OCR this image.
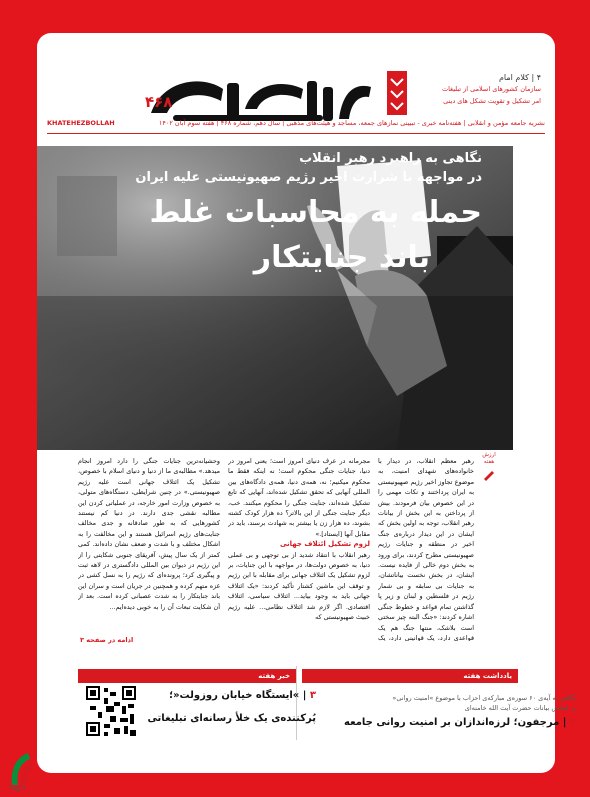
۴۶۸
۴ | کلام امام
سازمان کشور‌های اسلامی ‌از تبلیغات
امر تشکیل و تقویت تشکل های دینی
نشریه جامعه مؤمن و انقلابی | هفته‌نامه خبری - تبیینی نمازهای جمعه، مساجد و هیئت‌های مذهبی | سال دهم، شماره ۴۶۸ | هفته سوم آبان ۱۴۰۲
KHATEHEZBOLLAH
نگاهی به راهبرد رهبر انقلاب
در مواجهه با شرارت اخیر رژیم صهیونیستی علیه ایران
حمله به محاسبات غلط
باند جنایتکار
ارزش
هفته

رهبر معظم انقلاب، در دیدار با خانواده‌های شهدای امنیت، به موضوع تجاوز اخیر رژیم صهیونیستی به ایران پرداختند و نکات مهمی را در این خصوص بیان فرمودند. بیش از پرداختن به این بخش از بیانات رهبر انقلاب، توجه به اولین بخش که ایشان در این دیدار درباره‌ی جنگ اخیر در منطقه و جنایات رژیم صهیونیستی مطرح کردند، برای ورود به بخش دوم خالی از فایده نیست. ایشان، در بخش نخست بیاناتشان، به جنایات بی سابقه و بی شمار رژیم در فلسطین و لبنان و زیر پا گذاشتن تمام قواعد و خطوط جنگی اشاره کردند: «جنگ البته چیز سختی است بلاشک، منتها جنگ هم یک قواعدی دارد، یک قوانینی دارد، یک

مجرمانه در عرف دنیای امروز است؛ یعنی امروز در دنیا، جنایات جنگی محکوم است؛ نه اینکه فقط ما محکوم میکنیم؛ نه، همه‌ی دنیا، همه‌ی دادگاه‌های بین المللی آنهایی که تحقق تشکیل شده‌اند، آنهایی که تابع تشکیل شده‌اند، جنایت جنگی را محکوم میکنند. خب، دیگر جنایت جنگی از این بالاتر؟ ده هزار کودک کشته بشوند، ده هزار زن یا بیشتر به شهادت برسند، باید در مقابل آنها [ایستاد].»

لزوم تشکیل ائتلاف جهانی

رهبر انقلاب با انتقاد شدید از بی توجهی و بی عملی دنیا، به خصوص دولت‌ها، در مواجهه با این جنایات، بر لزوم تشکیل یک ائتلاف جهانی برای مقابله با این رژیم و توقف این ماشین کشتار تأکید کردند: «یک ائتلاف جهانی باید به وجود بیاید... ائتلاف سیاسی، ائتلاف اقتصادی. اگر لازم شد ائتلاف نظامی... علیه رژیم خبیث صهیونیستی که

وحشیانه‌ترین جنایات جنگی را دارد امروز انجام میدهد.» مطالبه‌ی ما از دنیا و دنیای اسلام با خصوص، تشکیل یک ائتلاف جهانی است علیه رژیم صهیونیستی.» در چنین شرایطی، دستگاه‌های متولی، به خصوص وزارت امور خارجه، در عملیاتی کردن این مطالبه نقشی جدی دارند. در دنیا کم نیستند کشورهایی که به طور صادقانه و جدی مخالف جنایت‌های رژیم اسرائیل هستند و این مخالفت را به اشکال مختلف و با شدت و ضعف نشان داده‌اند. کمی کمتر از یک سال پیش، آفریقای جنوبی شکایتی را از این رژیم در دیوان بین المللی دادگستری در لاهه ثبت و پیگیری کرد؛ پرونده‌ای که رژیم را به نسل کشی در غزه متهم کرده و همچنین در جریان است و سران این باند جنایتکار را به شدت عصبانی کرده است. بعد از آن شکایت تبعات آن را به خوبی دیده‌ایم...

ادامه در صفحه ۳
یادداشت هفته
نگاهی به آیه‌ی ۶۰ سوره‌ی مبارکه‌ی احزاب با موضوع »امنیت روانی«
بر اساس بیانات حضرت آیت الله خامنه‌ای
۲ | مرجفون؛ لرزه‌اندازان بر امنیت روانی جامعه
خبر هفته
۳ | »ایستگاه خیابان روزولت«؛
پُرکننده‌ی یک خلأ رسانه‌ای تبلیغاتی
Hajj.ir
